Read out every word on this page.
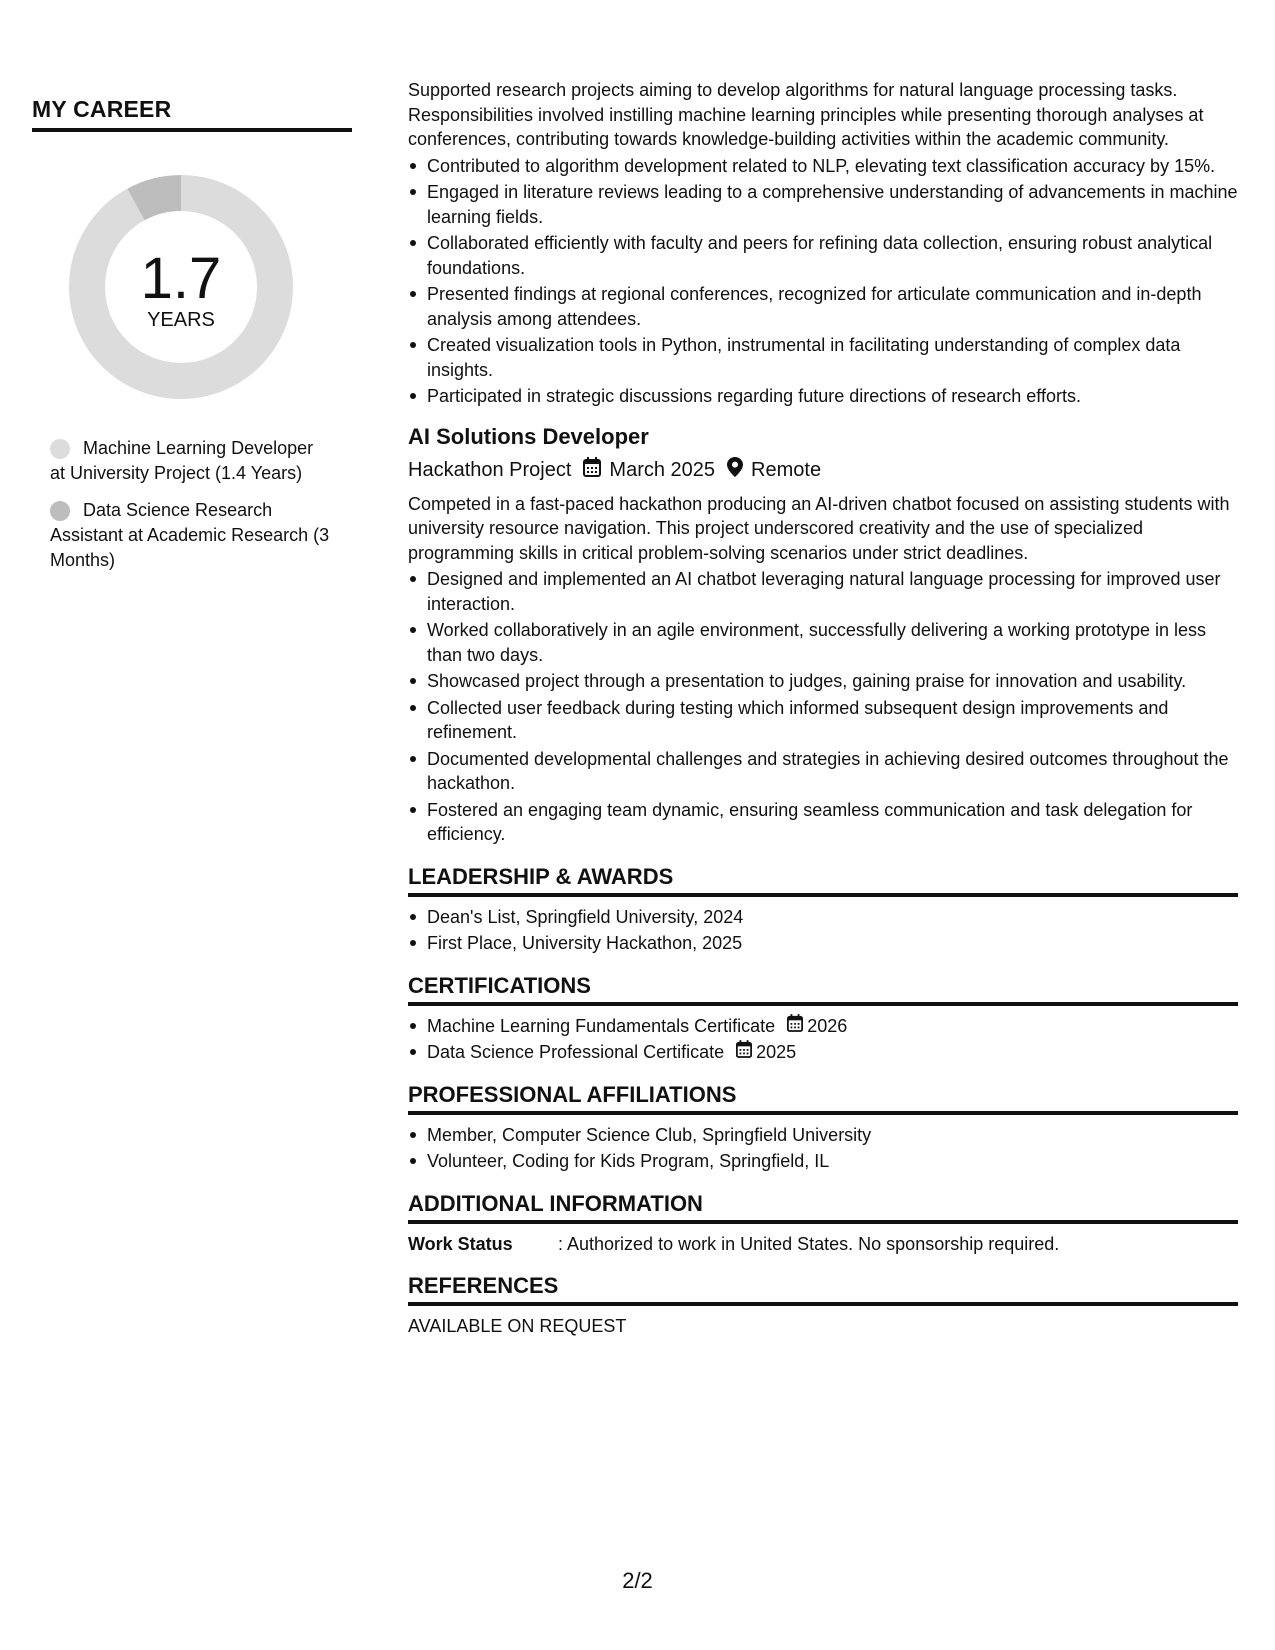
MY CAREER
1.7
YEARS
Machine Learning Developer at University Project (1.4 Years)
Data Science Research Assistant at Academic Research (3 Months)

Supported research projects aiming to develop algorithms for natural language processing tasks. Responsibilities involved instilling machine learning principles while presenting thorough analyses at conferences, contributing towards knowledge-building activities within the academic community.

Contributed to algorithm development related to NLP, elevating text classification accuracy by 15%.
Engaged in literature reviews leading to a comprehensive understanding of advancements in machine learning fields.
Collaborated efficiently with faculty and peers for refining data collection, ensuring robust analytical foundations.
Presented findings at regional conferences, recognized for articulate communication and in-depth analysis among attendees.
Created visualization tools in Python, instrumental in facilitating understanding of complex data insights.
Participated in strategic discussions regarding future directions of research efforts.
AI Solutions Developer
Hackathon Project March 2025 Remote

Competed in a fast-paced hackathon producing an AI-driven chatbot focused on assisting students with university resource navigation. This project underscored creativity and the use of specialized programming skills in critical problem-solving scenarios under strict deadlines.

Designed and implemented an AI chatbot leveraging natural language processing for improved user interaction.
Worked collaboratively in an agile environment, successfully delivering a working prototype in less than two days.
Showcased project through a presentation to judges, gaining praise for innovation and usability.
Collected user feedback during testing which informed subsequent design improvements and refinement.
Documented developmental challenges and strategies in achieving desired outcomes throughout the hackathon.
Fostered an engaging team dynamic, ensuring seamless communication and task delegation for efficiency.
LEADERSHIP & AWARDS
Dean's List, Springfield University, 2024
First Place, University Hackathon, 2025
CERTIFICATIONS
Machine Learning Fundamentals Certificate 2026
Data Science Professional Certificate 2025
PROFESSIONAL AFFILIATIONS
Member, Computer Science Club, Springfield University
Volunteer, Coding for Kids Program, Springfield, IL
ADDITIONAL INFORMATION
Work Status	: Authorized to work in United States. No sponsorship required.
REFERENCES
AVAILABLE ON REQUEST
2/2
